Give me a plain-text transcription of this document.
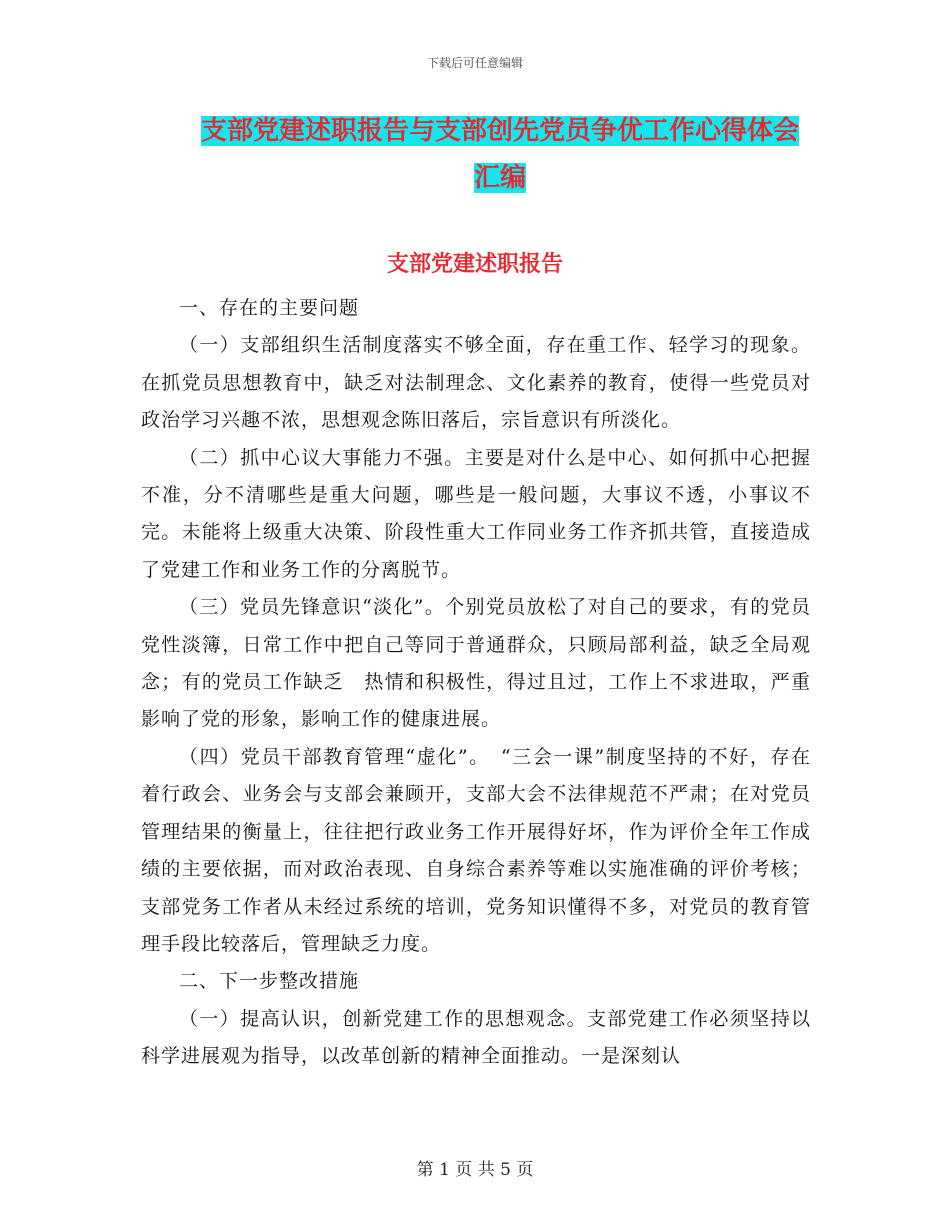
下载后可任意编辑
支部党建述职报告与支部创先党员争优工作心得体会
汇编
支部党建述职报告

一、存在的主要问题

（一）支部组织生活制度落实不够全面，存在重工作、轻学习的现象。在抓党员思想教育中，缺乏对法制理念、文化素养的教育，使得一些党员对政治学习兴趣不浓，思想观念陈旧落后，宗旨意识有所淡化。

（二）抓中心议大事能力不强。主要是对什么是中心、如何抓中心把握不准，分不清哪些是重大问题，哪些是一般问题，大事议不透，小事议不完。未能将上级重大决策、阶段性重大工作同业务工作齐抓共管，直接造成了党建工作和业务工作的分离脱节。

（三）党员先锋意识“淡化”。个别党员放松了对自己的要求，有的党员党性淡簿，日常工作中把自己等同于普通群众，只顾局部利益，缺乏全局观念；有的党员工作缺乏　热情和积极性，得过且过，工作上不求进取，严重影响了党的形象，影响工作的健康进展。

（四）党员干部教育管理“虚化”。　“三会一课”制度坚持的不好，存在着行政会、业务会与支部会兼顾开，支部大会不法律规范不严肃；在对党员管理结果的衡量上，往往把行政业务工作开展得好坏，作为评价全年工作成绩的主要依据，而对政治表现、自身综合素养等难以实施准确的评价考核；支部党务工作者从未经过系统的培训，党务知识懂得不多，对党员的教育管理手段比较落后，管理缺乏力度。

二、下一步整改措施

（一）提高认识，创新党建工作的思想观念。支部党建工作必须坚持以科学进展观为指导，以改革创新的精神全面推动。一是深刻认

第 1 页 共 5 页
